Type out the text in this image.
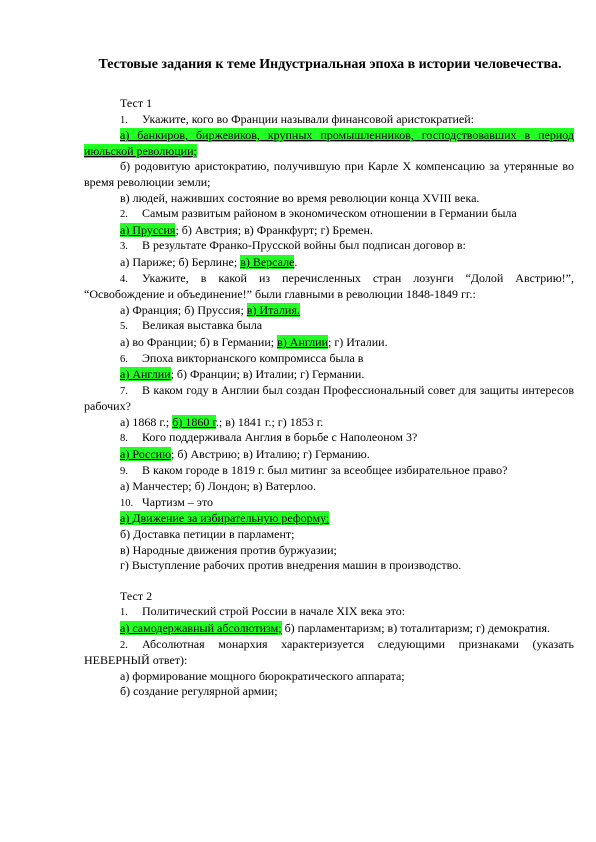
Тестовые задания к теме Индустриальная эпоха в истории человечества.

Тест 1

1. Укажите, кого во Франции называли финансовой аристократией:

а) банкиров, биржевиков, крупных промышленников, господствовавших в период июльской революции;

б) родовитую аристократию, получившую при Карле X компенсацию за утерянные во время революции земли;

в) людей, наживших состояние во время революции конца XVIII века.

2. Самым развитым районом в экономическом отношении в Германии была

а) Пруссия; б) Австрия; в) Франкфурт; г) Бремен.

3. В результате Франко-Прусской войны был подписан договор в:

а) Париже; б) Берлине; в) Версале.

4. Укажите, в какой из перечисленных стран лозунги “Долой Австрию!”, “Освобождение и объединение!” были главными в революции 1848-1849 гг.:

а) Франция; б) Пруссия; в) Италия.

5. Великая выставка была

а) во Франции; б) в Германии; в) Англии; г) Италии.

6. Эпоха викторианского компромисса была в

а) Англии; б) Франции; в) Италии; г) Германии.

7. В каком году в Англии был создан Профессиональный совет для защиты интересов рабочих?

а) 1868 г.; б) 1860 г.; в) 1841 г.; г) 1853 г.

8. Кого поддерживала Англия в борьбе с Наполеоном 3?

а) Россию; б) Австрию; в) Италию; г) Германию.

9. В каком городе в 1819 г. был митинг за всеобщее избирательное право?

а) Манчестер; б) Лондон; в) Ватерлоо.

10. Чартизм – это

а) Движение за избирательную реформу;

б) Доставка петиции в парламент;

в) Народные движения против буржуазии;

г) Выступление рабочих против внедрения машин в производство.

Тест 2

1. Политический строй России в начале XIX века это:

а) самодержавный абсолютизм; б) парламентаризм; в) тоталитаризм; г) демократия.

2. Абсолютная монархия характеризуется следующими признаками (указать НЕВЕРНЫЙ ответ):

а) формирование мощного бюрократического аппарата;

б) создание регулярной армии;
